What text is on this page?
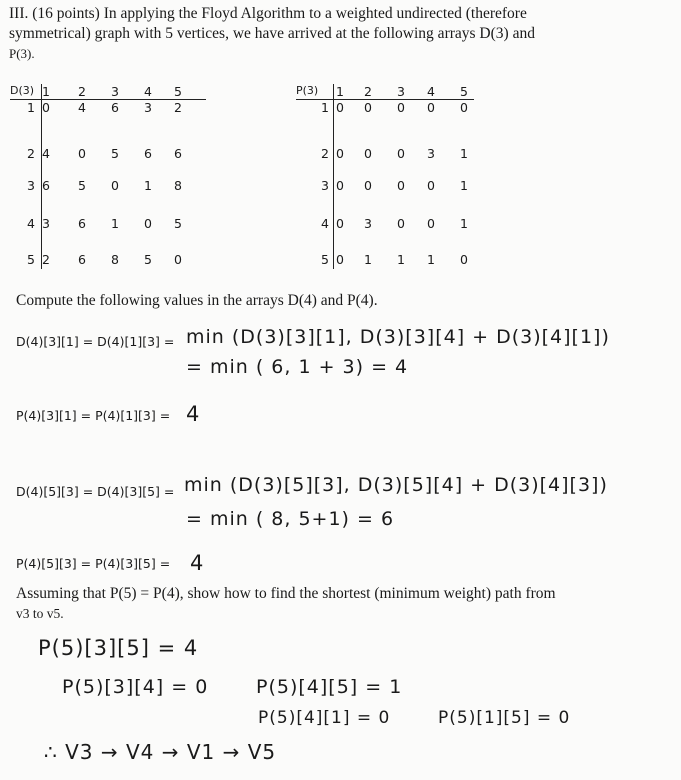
III. (16 points) In applying the Floyd Algorithm to a weighted undirected (therefore
symmetrical) graph with 5 vertices, we have arrived at the following arrays D(3) and
P(3).
D(3) 1	2	3	4	5
1 0	4	6	3	2
2 4	0	5	6	6
3 6	5	0	1	8
4 3	6	1	0	5
5 2	6	8	5	0
P(3)	1	2	3	4	5
1 0	0	0	0	0
2 0	0	0	3	1
3 0	0	0	0	1
4 0	3	0	0	1
5 0	1	1	1	0
Compute the following values in the arrays D(4) and P(4).
D(4)[3][1] = D(4)[1][3] = min (D(3)[3][1], D(3)[3][4] + D(3)[4][1])
= min ( 6, 1 + 3) = 4
P(4)[3][1] = P(4)[1][3] = 4
D(4)[5][3] = D(4)[3][5] = min (D(3)[5][3], D(3)[5][4] + D(3)[4][3])
= min ( 8, 5+1) = 6
P(4)[5][3] = P(4)[3][5] = 4
Assuming that P(5) = P(4), show how to find the shortest (minimum weight) path from
v3 to v5.
P(5)[3][5] = 4
P(5)[3][4] = 0	P(5)[4][5] = 1
P(5)[4][1] = 0	P(5)[1][5] = 0
∴ V3 → V4 → V1 → V5
